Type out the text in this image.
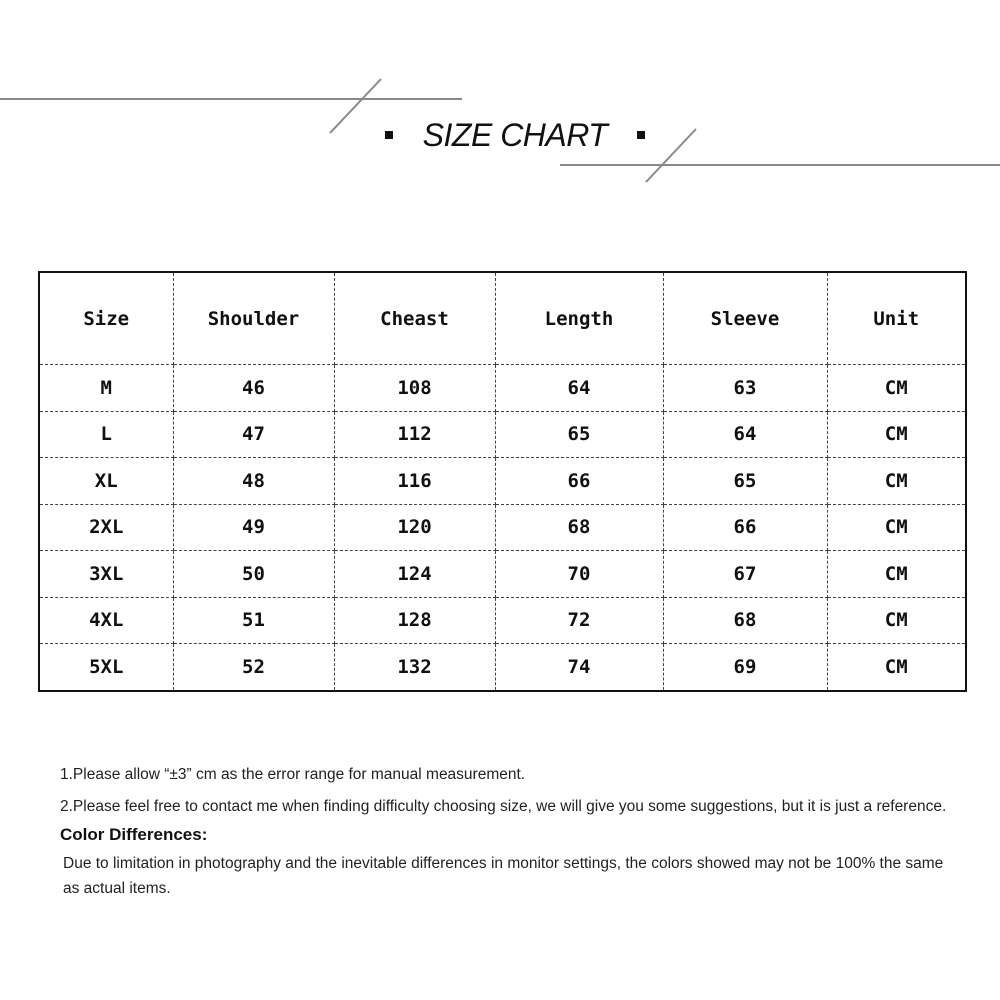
SIZE CHART
Size	Shoulder	Cheast	Length	Sleeve	Unit
M	46	108	64	63	CM
L	47	112	65	64	CM
XL	48	116	66	65	CM
2XL	49	120	68	66	CM
3XL	50	124	70	67	CM
4XL	51	128	72	68	CM
5XL	52	132	74	69	CM

1.Please allow “±3” cm as the error range for manual measurement.

2.Please feel free to contact me when finding difficulty choosing size, we will give you some suggestions, but it is just a reference.

Color Differences:

Due to limitation in photography and the inevitable differences in monitor settings, the colors showed may not be 100% the same as actual items.
